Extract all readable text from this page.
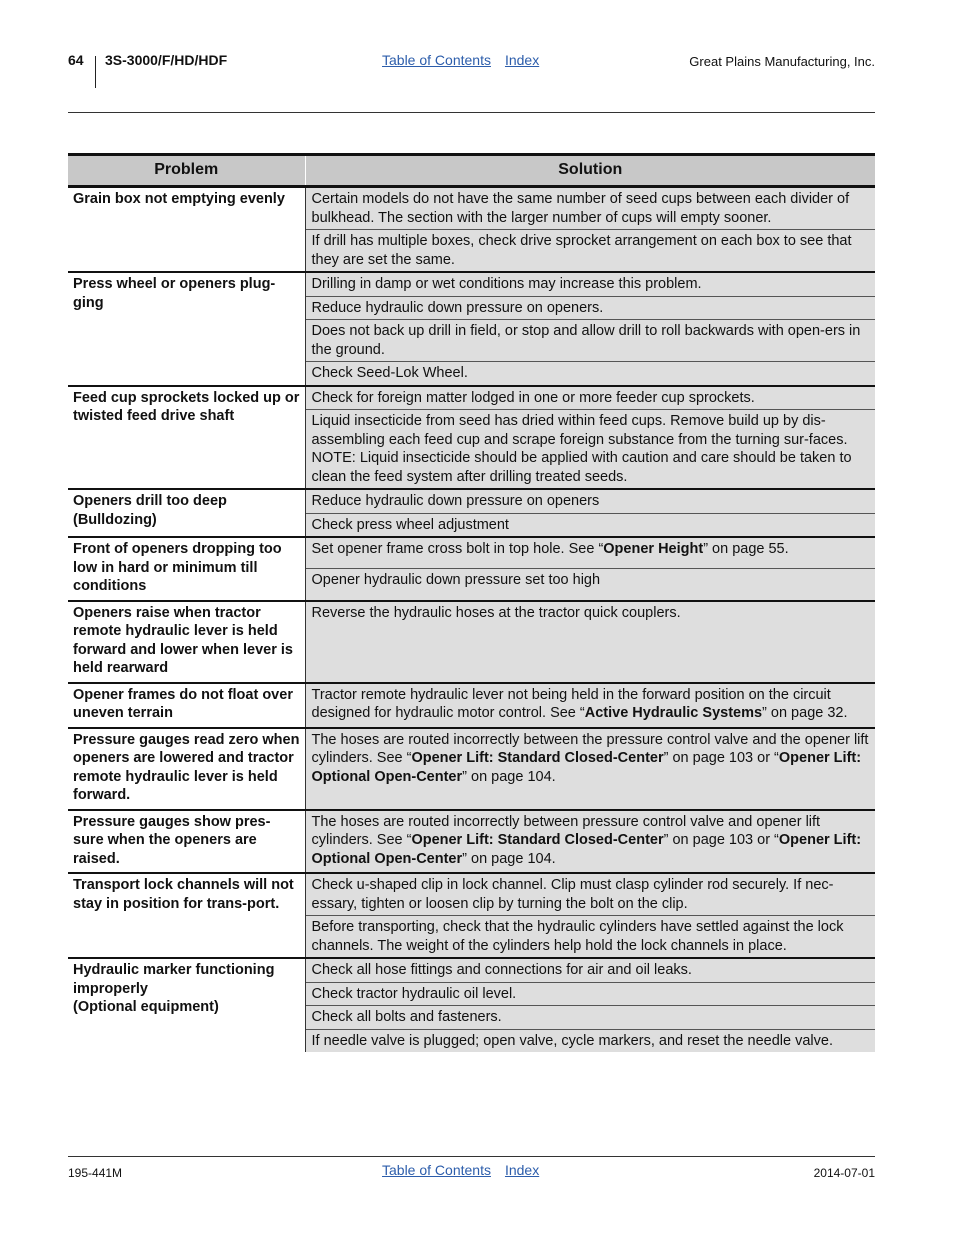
64 3S-3000/F/HD/HDF	Table of Contents Index	Great Plains Manufacturing, Inc.
Problem	Solution
Grain box not emptying evenly	Certain models do not have the same number of seed cups between each divider of bulkhead. The section with the larger number of cups will empty sooner.
	If drill has multiple boxes, check drive sprocket arrangement on each box to see that they are set the same.
Press wheel or openers plug-ging	Drilling in damp or wet conditions may increase this problem.
	Reduce hydraulic down pressure on openers.
	Does not back up drill in field, or stop and allow drill to roll backwards with open-ers in the ground.
	Check Seed-Lok Wheel.
Feed cup sprockets locked up or twisted feed drive shaft	Check for foreign matter lodged in one or more feeder cup sprockets.
	Liquid insecticide from seed has dried within feed cups. Remove build up by dis-assembling each feed cup and scrape foreign substance from the turning sur-faces. NOTE: Liquid insecticide should be applied with caution and care should be taken to clean the feed system after drilling treated seeds.
Openers drill too deep (Bulldozing)	Reduce hydraulic down pressure on openers
	Check press wheel adjustment
Front of openers dropping too low in hard or minimum till conditions	Set opener frame cross bolt in top hole. See “Opener Height” on page 55.
	Opener hydraulic down pressure set too high
Openers raise when tractor remote hydraulic lever is held forward and lower when lever is held rearward	Reverse the hydraulic hoses at the tractor quick couplers.
Opener frames do not float over uneven terrain	Tractor remote hydraulic lever not being held in the forward position on the circuit designed for hydraulic motor control. See “Active Hydraulic Systems” on page 32.
Pressure gauges read zero when openers are lowered and tractor remote hydraulic lever is held forward.	The hoses are routed incorrectly between the pressure control valve and the opener lift cylinders. See “Opener Lift: Standard Closed-Center” on page 103 or “Opener Lift: Optional Open-Center” on page 104.
Pressure gauges show pres-sure when the openers are raised.	The hoses are routed incorrectly between pressure control valve and opener lift cylinders. See “Opener Lift: Standard Closed-Center” on page 103 or “Opener Lift: Optional Open-Center” on page 104.
Transport lock channels will not stay in position for trans-port.	Check u-shaped clip in lock channel. Clip must clasp cylinder rod securely. If nec-essary, tighten or loosen clip by turning the bolt on the clip.
	Before transporting, check that the hydraulic cylinders have settled against the lock channels. The weight of the cylinders help hold the lock channels in place.
Hydraulic marker functioning improperly
(Optional equipment)	Check all hose fittings and connections for air and oil leaks.
	Check tractor hydraulic oil level.
	Check all bolts and fasteners.
	If needle valve is plugged; open valve, cycle markers, and reset the needle valve.
195-441M	Table of Contents Index	2014-07-01
